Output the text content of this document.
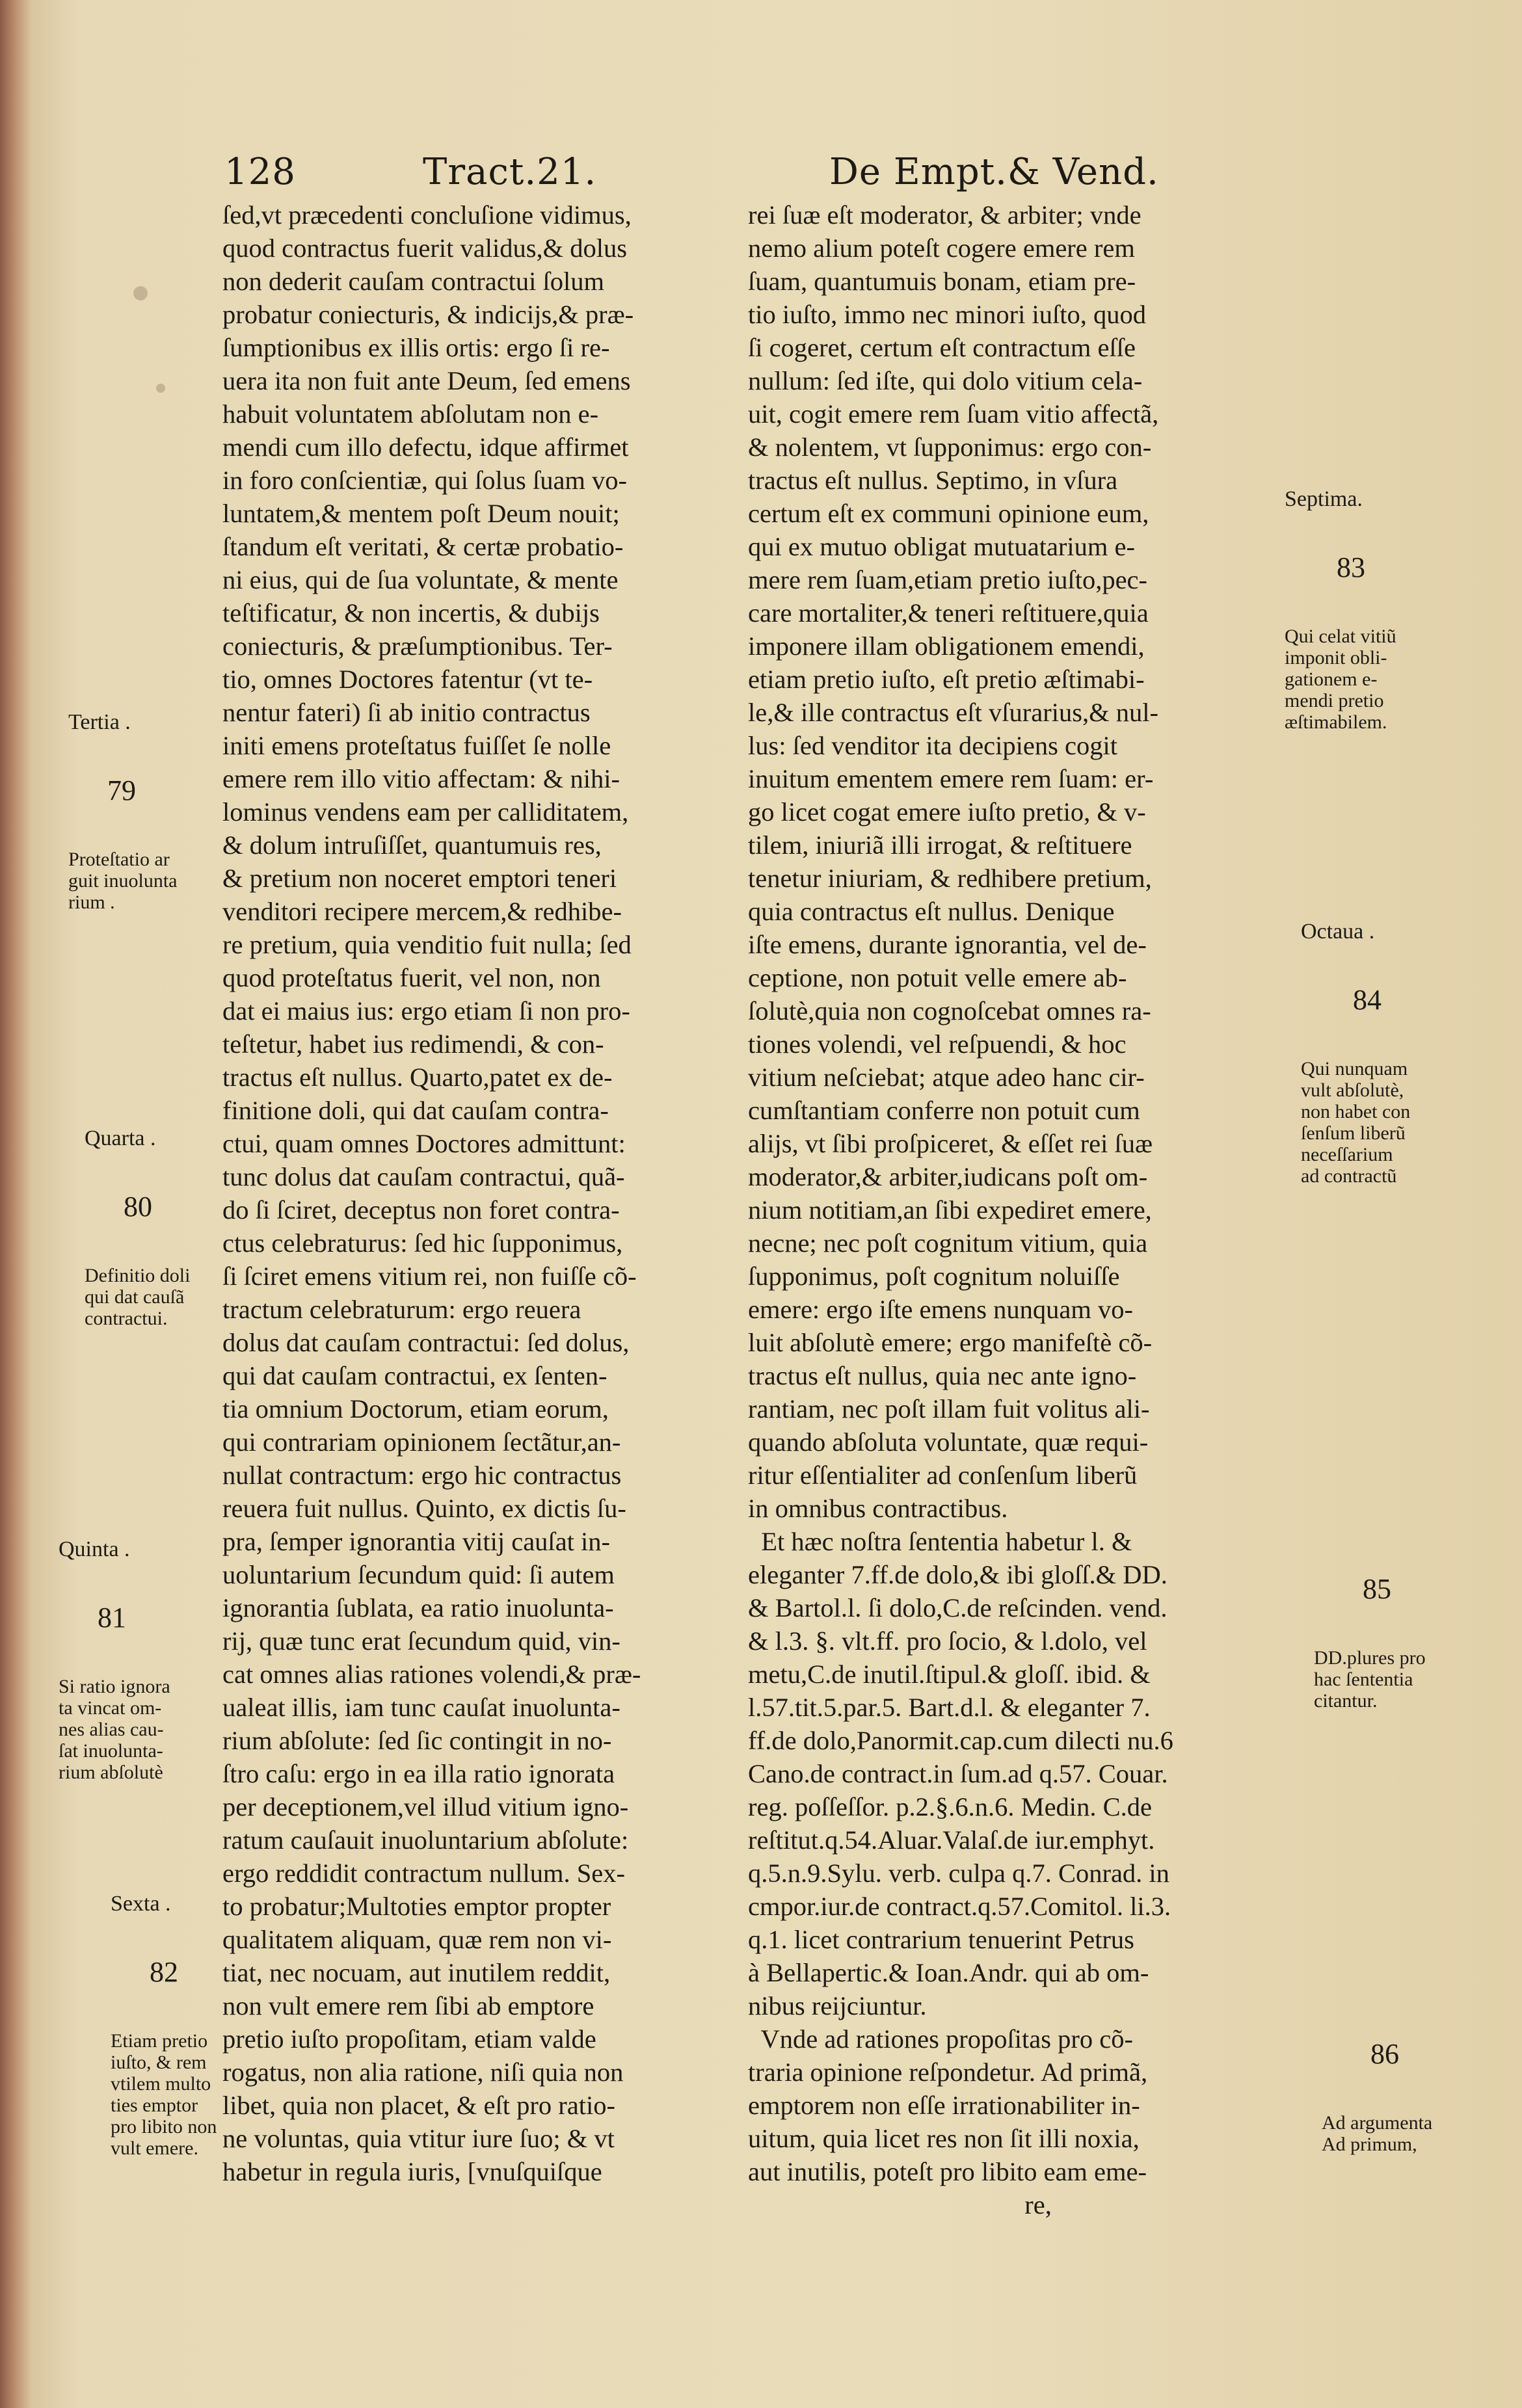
128	Tract.21.	De Empt.& Vend.
ſed,vt præcedenti concluſione vidimus,
quod contractus fuerit validus,& dolus
non dederit cauſam contractui ſolum
probatur coniecturis, & indicijs,& præ-
ſumptionibus ex illis ortis: ergo ſi re-
uera ita non fuit ante Deum, ſed emens
habuit voluntatem abſolutam non e-
mendi cum illo defectu, idque affirmet
in foro conſcientiæ, qui ſolus ſuam vo-
luntatem,& mentem poſt Deum nouit;
ſtandum eſt veritati, & certæ probatio-
ni eius, qui de ſua voluntate, & mente
teſtificatur, & non incertis, & dubijs
coniecturis, & præſumptionibus. Ter-
tio, omnes Doctores fatentur (vt te-
nentur fateri) ſi ab initio contractus
initi emens proteſtatus fuiſſet ſe nolle
emere rem illo vitio affectam: & nihi-
lominus vendens eam per calliditatem,
& dolum intruſiſſet, quantumuis res,
& pretium non noceret emptori teneri
venditori recipere mercem,& redhibe-
re pretium, quia venditio fuit nulla; ſed
quod proteſtatus fuerit, vel non, non
dat ei maius ius: ergo etiam ſi non pro-
teſtetur, habet ius redimendi, & con-
tractus eſt nullus. Quarto,patet ex de-
finitione doli, qui dat cauſam contra-
ctui, quam omnes Doctores admittunt:
tunc dolus dat cauſam contractui, quã-
do ſi ſciret, deceptus non foret contra-
ctus celebraturus: ſed hic ſupponimus,
ſi ſciret emens vitium rei, non fuiſſe cõ-
tractum celebraturum: ergo reuera
dolus dat cauſam contractui: ſed dolus,
qui dat cauſam contractui, ex ſenten-
tia omnium Doctorum, etiam eorum,
qui contrariam opinionem ſectãtur,an-
nullat contractum: ergo hic contractus
reuera fuit nullus. Quinto, ex dictis ſu-
pra, ſemper ignorantia vitij cauſat in-
uoluntarium ſecundum quid: ſi autem
ignorantia ſublata, ea ratio inuolunta-
rij, quæ tunc erat ſecundum quid, vin-
cat omnes alias rationes volendi,& præ-
ualeat illis, iam tunc cauſat inuolunta-
rium abſolute: ſed ſic contingit in no-
ſtro caſu: ergo in ea illa ratio ignorata
per deceptionem,vel illud vitium igno-
ratum cauſauit inuoluntarium abſolute:
ergo reddidit contractum nullum. Sex-
to probatur;Multoties emptor propter
qualitatem aliquam, quæ rem non vi-
tiat, nec nocuam, aut inutilem reddit,
non vult emere rem ſibi ab emptore
pretio iuſto propoſitam, etiam valde
rogatus, non alia ratione, niſi quia non
libet, quia non placet, & eſt pro ratio-
ne voluntas, quia vtitur iure ſuo; & vt
habetur in regula iuris, [vnuſquiſque
rei ſuæ eſt moderator, & arbiter; vnde
nemo alium poteſt cogere emere rem
ſuam, quantumuis bonam, etiam pre-
tio iuſto, immo nec minori iuſto, quod
ſi cogeret, certum eſt contractum eſſe
nullum: ſed iſte, qui dolo vitium cela-
uit, cogit emere rem ſuam vitio affectã,
& nolentem, vt ſupponimus: ergo con-
tractus eſt nullus. Septimo, in vſura
certum eſt ex communi opinione eum,
qui ex mutuo obligat mutuatarium e-
mere rem ſuam,etiam pretio iuſto,pec-
care mortaliter,& teneri reſtituere,quia
imponere illam obligationem emendi,
etiam pretio iuſto, eſt pretio æſtimabi-
le,& ille contractus eſt vſurarius,& nul-
lus: ſed venditor ita decipiens cogit
inuitum ementem emere rem ſuam: er-
go licet cogat emere iuſto pretio, & v-
tilem, iniuriã illi irrogat, & reſtituere
tenetur iniuriam, & redhibere pretium,
quia contractus eſt nullus. Denique
iſte emens, durante ignorantia, vel de-
ceptione, non potuit velle emere ab-
ſolutè,quia non cognoſcebat omnes ra-
tiones volendi, vel reſpuendi, & hoc
vitium neſciebat; atque adeo hanc cir-
cumſtantiam conferre non potuit cum
alijs, vt ſibi proſpiceret, & eſſet rei ſuæ
moderator,& arbiter,iudicans poſt om-
nium notitiam,an ſibi expediret emere,
necne; nec poſt cognitum vitium, quia
ſupponimus, poſt cognitum noluiſſe
emere: ergo iſte emens nunquam vo-
luit abſolutè emere; ergo manifeſtè cõ-
tractus eſt nullus, quia nec ante igno-
rantiam, nec poſt illam fuit volitus ali-
quando abſoluta voluntate, quæ requi-
ritur eſſentialiter ad conſenſum liberũ
in omnibus contractibus.
Et hæc noſtra ſententia habetur l. &
eleganter 7.ff.de dolo,& ibi gloſſ.& DD.
& Bartol.l. ſi dolo,C.de reſcinden. vend.
& l.3. §. vlt.ff. pro ſocio, & l.dolo, vel
metu,C.de inutil.ſtipul.& gloſſ. ibid. &
l.57.tit.5.par.5. Bart.d.l. & eleganter 7.
ff.de dolo,Panormit.cap.cum dilecti nu.6
Cano.de contract.in ſum.ad q.57. Couar.
reg. poſſeſſor. p.2.§.6.n.6. Medin. C.de
reſtitut.q.54.Aluar.Valaſ.de iur.emphyt.
q.5.n.9.Sylu. verb. culpa q.7. Conrad. in
cmpor.iur.de contract.q.57.Comitol. li.3.
q.1. licet contrarium tenuerint Petrus
à Bellapertic.& Ioan.Andr. qui ab om-
nibus reijciuntur.
Vnde ad rationes propoſitas pro cõ-
traria opinione reſpondetur. Ad primã,
emptorem non eſſe irrationabiliter in-
uitum, quia licet res non ſit illi noxia,
aut inutilis, poteſt pro libito eam eme-
re,

Tertia .

79

Proteſtatio ar
guit inuolunta
rium .

Quarta .

80

Definitio doli
qui dat cauſã
contractui.

Quinta .

81

Si ratio ignora
ta vincat om-
nes alias cau-
ſat inuolunta-
rium abſolutè

Sexta .

82

Etiam pretio
iuſto, & rem
vtilem multo
ties emptor
pro libito non
vult emere.

Septima.

83

Qui celat vitiũ
imponit obli-
gationem e-
mendi pretio
æſtimabilem.

Octaua .

84

Qui nunquam
vult abſolutè,
non habet con
ſenſum liberũ
neceſſarium
ad contractũ

85

DD.plures pro
hac ſententia
citantur.

86

Ad argumenta
Ad primum,
